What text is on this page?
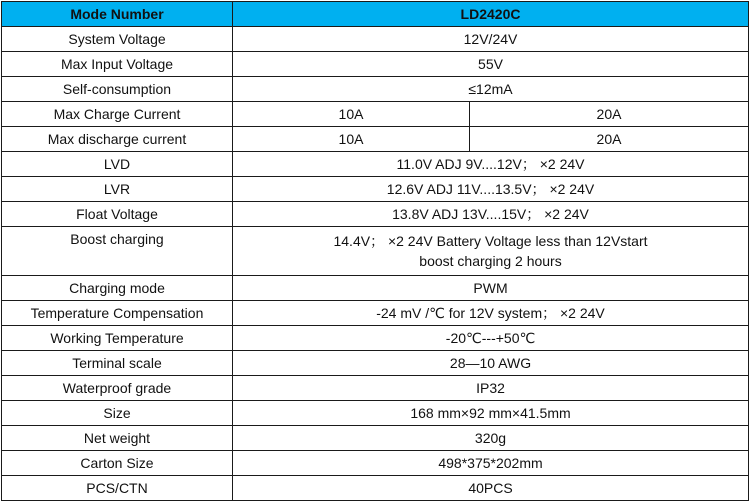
Mode Number	LD2420C	
System Voltage	12V/24V	
Max Input Voltage	55V	
Self-consumption	≤12mA	
Max Charge Current	10A	20A
Max discharge current	10A	20A
LVD	11.0V ADJ 9V....12V； ×2 24V	
LVR	12.6V ADJ 11V....13.5V； ×2 24V	
Float Voltage	13.8V ADJ 13V....15V； ×2 24V	
Boost charging	14.4V； ×2 24V Battery Voltage less than 12Vstart
boost charging 2 hours	

Charging mode	PWM	
Temperature Compensation	-24 mV /℃ for 12V system； ×2 24V	
Working Temperature	-20℃---+50℃	
Terminal scale	28—10 AWG	
Waterproof grade	IP32	
Size	168 mm×92 mm×41.5mm	
Net weight	320g	
Carton Size	498*375*202mm	
PCS/CTN	40PCS	
